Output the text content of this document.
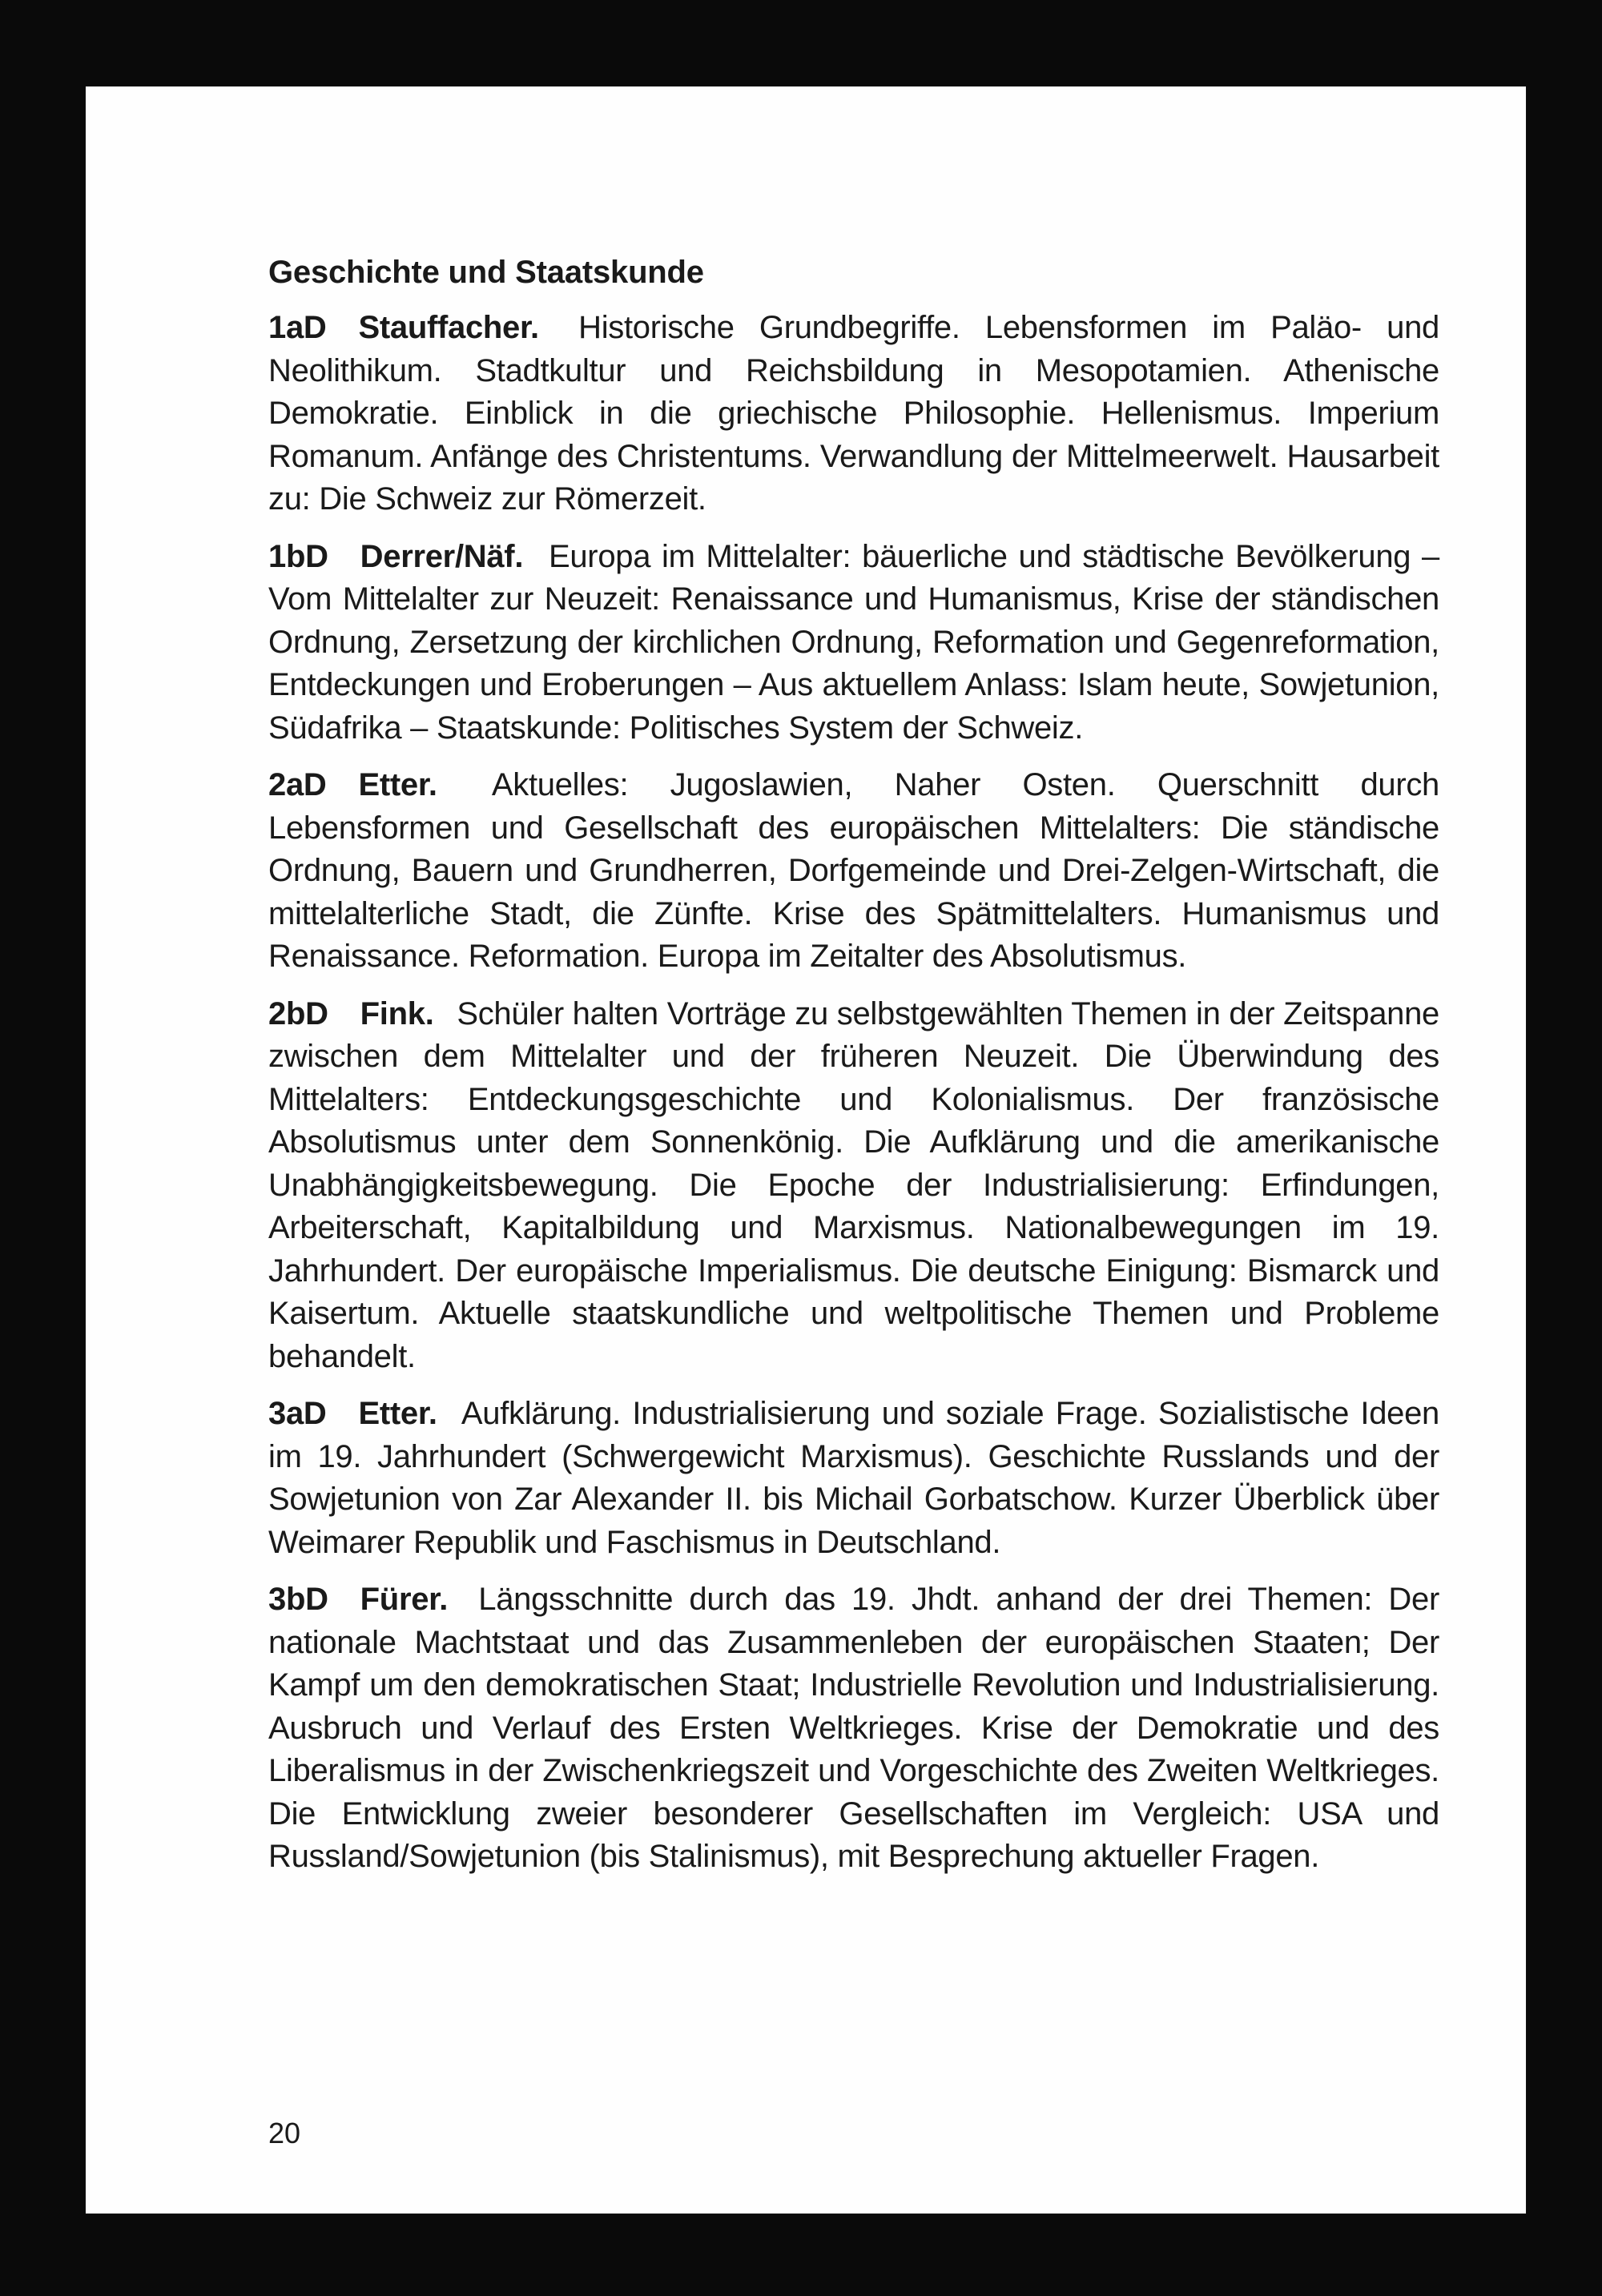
Geschichte und Staatskunde

1aD Stauffacher. Historische Grundbegriffe. Lebensformen im Paläo- und Neolithikum. Stadtkultur und Reichsbildung in Mesopotamien. Athenische Demokratie. Einblick in die griechische Philosophie. Hellenismus. Imperium Romanum. Anfänge des Christentums. Verwandlung der Mittelmeerwelt. Hausarbeit zu: Die Schweiz zur Römerzeit.

1bD Derrer/Näf. Europa im Mittelalter: bäuerliche und städtische Bevölkerung – Vom Mittelalter zur Neuzeit: Renaissance und Humanismus, Krise der ständischen Ordnung, Zersetzung der kirchlichen Ordnung, Reformation und Gegenreformation, Entdeckungen und Eroberungen – Aus aktuellem Anlass: Islam heute, Sowjetunion, Südafrika – Staatskunde: Politisches System der Schweiz.

2aD Etter. Aktuelles: Jugoslawien, Naher Osten. Querschnitt durch Lebensformen und Gesellschaft des europäischen Mittelalters: Die ständische Ordnung, Bauern und Grundherren, Dorfgemeinde und Drei-Zelgen-Wirtschaft, die mittelalterliche Stadt, die Zünfte. Krise des Spätmittelalters. Humanismus und Renaissance. Reformation. Europa im Zeitalter des Absolutismus.

2bD Fink. Schüler halten Vorträge zu selbstgewählten Themen in der Zeitspanne zwischen dem Mittelalter und der früheren Neuzeit. Die Überwindung des Mittelalters: Entdeckungsgeschichte und Kolonialismus. Der französische Absolutismus unter dem Sonnenkönig. Die Aufklärung und die amerikanische Unabhängigkeitsbewegung. Die Epoche der Industrialisierung: Erfindungen, Arbeiterschaft, Kapitalbildung und Marxismus. Nationalbewegungen im 19. Jahrhundert. Der europäische Imperialismus. Die deutsche Einigung: Bismarck und Kaisertum. Aktuelle staatskundliche und weltpolitische Themen und Probleme behandelt.

3aD Etter. Aufklärung. Industrialisierung und soziale Frage. Sozialistische Ideen im 19. Jahrhundert (Schwergewicht Marxismus). Geschichte Russlands und der Sowjetunion von Zar Alexander II. bis Michail Gorbatschow. Kurzer Überblick über Weimarer Republik und Faschismus in Deutschland.

3bD Fürer. Längsschnitte durch das 19. Jhdt. anhand der drei Themen: Der nationale Machtstaat und das Zusammenleben der europäischen Staaten; Der Kampf um den demokratischen Staat; Industrielle Revolution und Industrialisierung. Ausbruch und Verlauf des Ersten Weltkrieges. Krise der Demokratie und des Liberalismus in der Zwischenkriegszeit und Vorgeschichte des Zweiten Weltkrieges. Die Entwicklung zweier besonderer Gesellschaften im Vergleich: USA und Russland/Sowjetunion (bis Stalinismus), mit Besprechung aktueller Fragen.

20
